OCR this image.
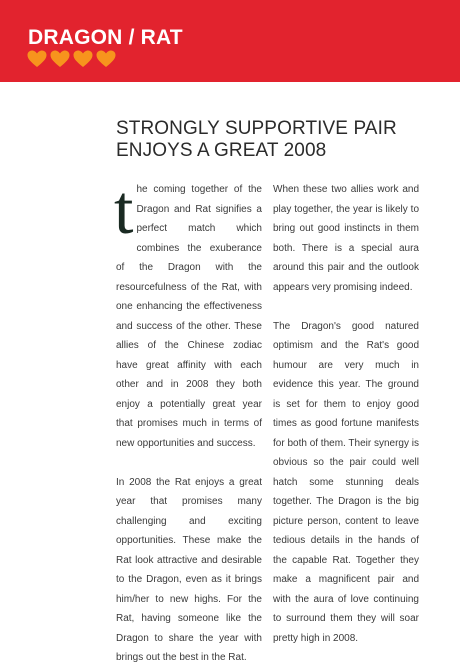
DRAGON / RAT
STRONGLY SUPPORTIVE PAIR
ENJOYS A GREAT 2008

the coming together of the Dragon and Rat signifies a perfect match which combines the exuberance of the Dragon with the resourcefulness of the Rat, with one enhancing the effectiveness and success of the other. These allies of the Chinese zodiac have great affinity with each other and in 2008 they both enjoy a potentially great year that promises much in terms of new opportunities and success.

In 2008 the Rat enjoys a great year that promises many challenging and exciting opportunities. These make the Rat look attractive and desirable to the Dragon, even as it brings him/her to new highs. For the Rat, having someone like the Dragon to share the year with brings out the best in the Rat.

When these two allies work and play together, the year is likely to bring out good instincts in them both. There is a special aura around this pair and the outlook appears very promising indeed.

The Dragon's good natured optimism and the Rat's good humour are very much in evidence this year. The ground is set for them to enjoy good times as good fortune manifests for both of them. Their synergy is obvious so the pair could well hatch some stunning deals together. The Dragon is the big picture person, content to leave tedious details in the hands of the capable Rat. Together they make a magnificent pair and with the aura of love continuing to surround them they will soar pretty high in 2008.
